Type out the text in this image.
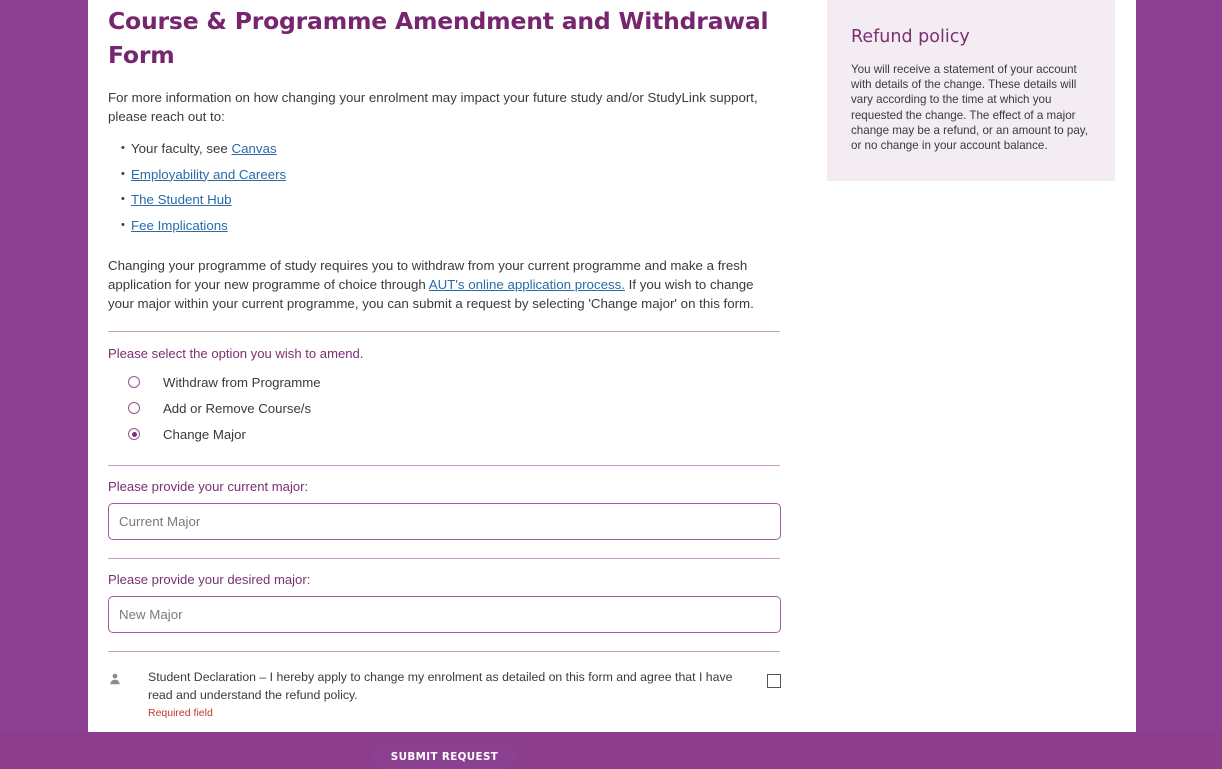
Course & Programme Amendment and Withdrawal Form

For more information on how changing your enrolment may impact your future study and/or StudyLink support, please reach out to:

• Your faculty, see Canvas
• Employability and Careers
• The Student Hub
• Fee Implications

Changing your programme of study requires you to withdraw from your current programme and make a fresh application for your new programme of choice through AUT's online application process. If you wish to change your major within your current programme, you can submit a request by selecting 'Change major' on this form.

Please select the option you wish to amend.
Withdraw from Programme
Add or Remove Course/s
Change Major
Please provide your current major:
Current Major
Please provide your desired major:
New Major
Student Declaration – I hereby apply to change my enrolment as detailed on this form and agree that I have read and understand the refund policy.
Required field
SUBMIT REQUEST
Refund policy

You will receive a statement of your account with details of the change. These details will vary according to the time at which you requested the change. The effect of a major change may be a refund, or an amount to pay, or no change in your account balance.
